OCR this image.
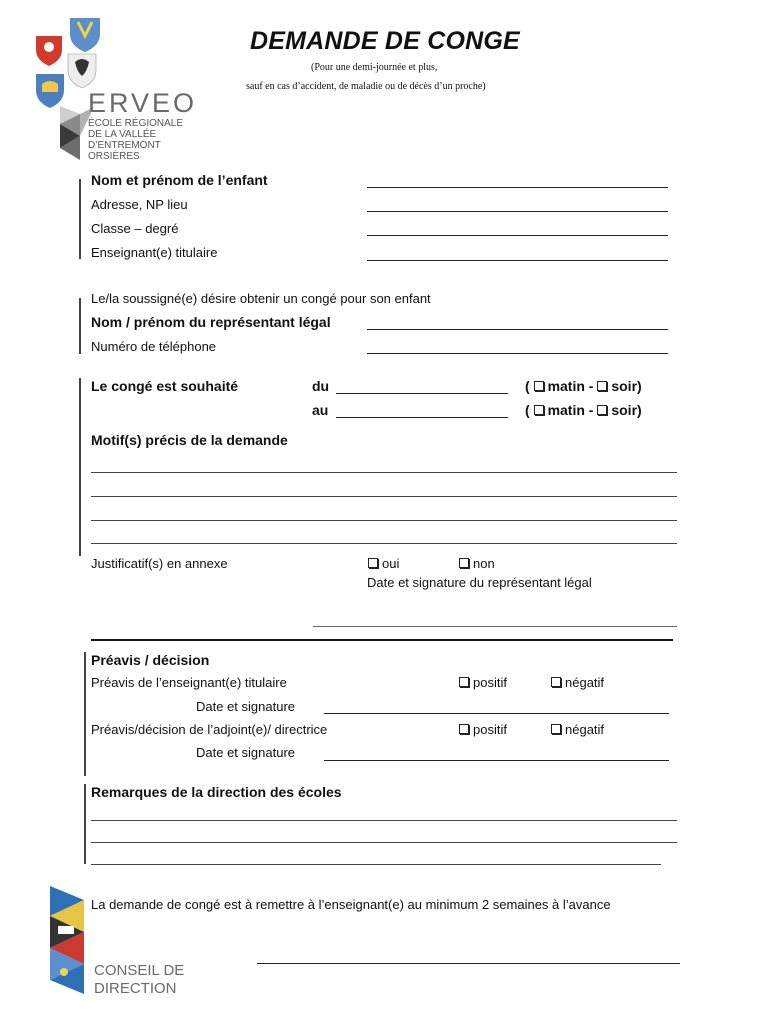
ERVEO
ÉCOLE RÉGIONALE
DE LA VALLÉE
D’ENTREMONT
ORSIÈRES
DEMANDE DE CONGE
(Pour une demi-journée et plus,
sauf en cas d’accident, de maladie ou de décès d’un proche)
Nom et prénom de l’enfant
Adresse, NP lieu
Classe – degré
Enseignant(e) titulaire
Le/la soussigné(e) désire obtenir un congé pour son enfant
Nom / prénom du représentant légal
Numéro de téléphone
Le congé est souhaité	du	( matin - soir)
au	( matin - soir)
Motif(s) précis de la demande
Justificatif(s) en annexe	oui	non
Date et signature du représentant légal
Préavis / décision
Préavis de l’enseignant(e) titulaire	positif	négatif
Date et signature
Préavis/décision de l’adjoint(e)/ directrice	positif	négatif
Date et signature
Remarques de la direction des écoles
La demande de congé est à remettre à l’enseignant(e) au minimum 2 semaines à l’avance
CONSEIL DE
DIRECTION
